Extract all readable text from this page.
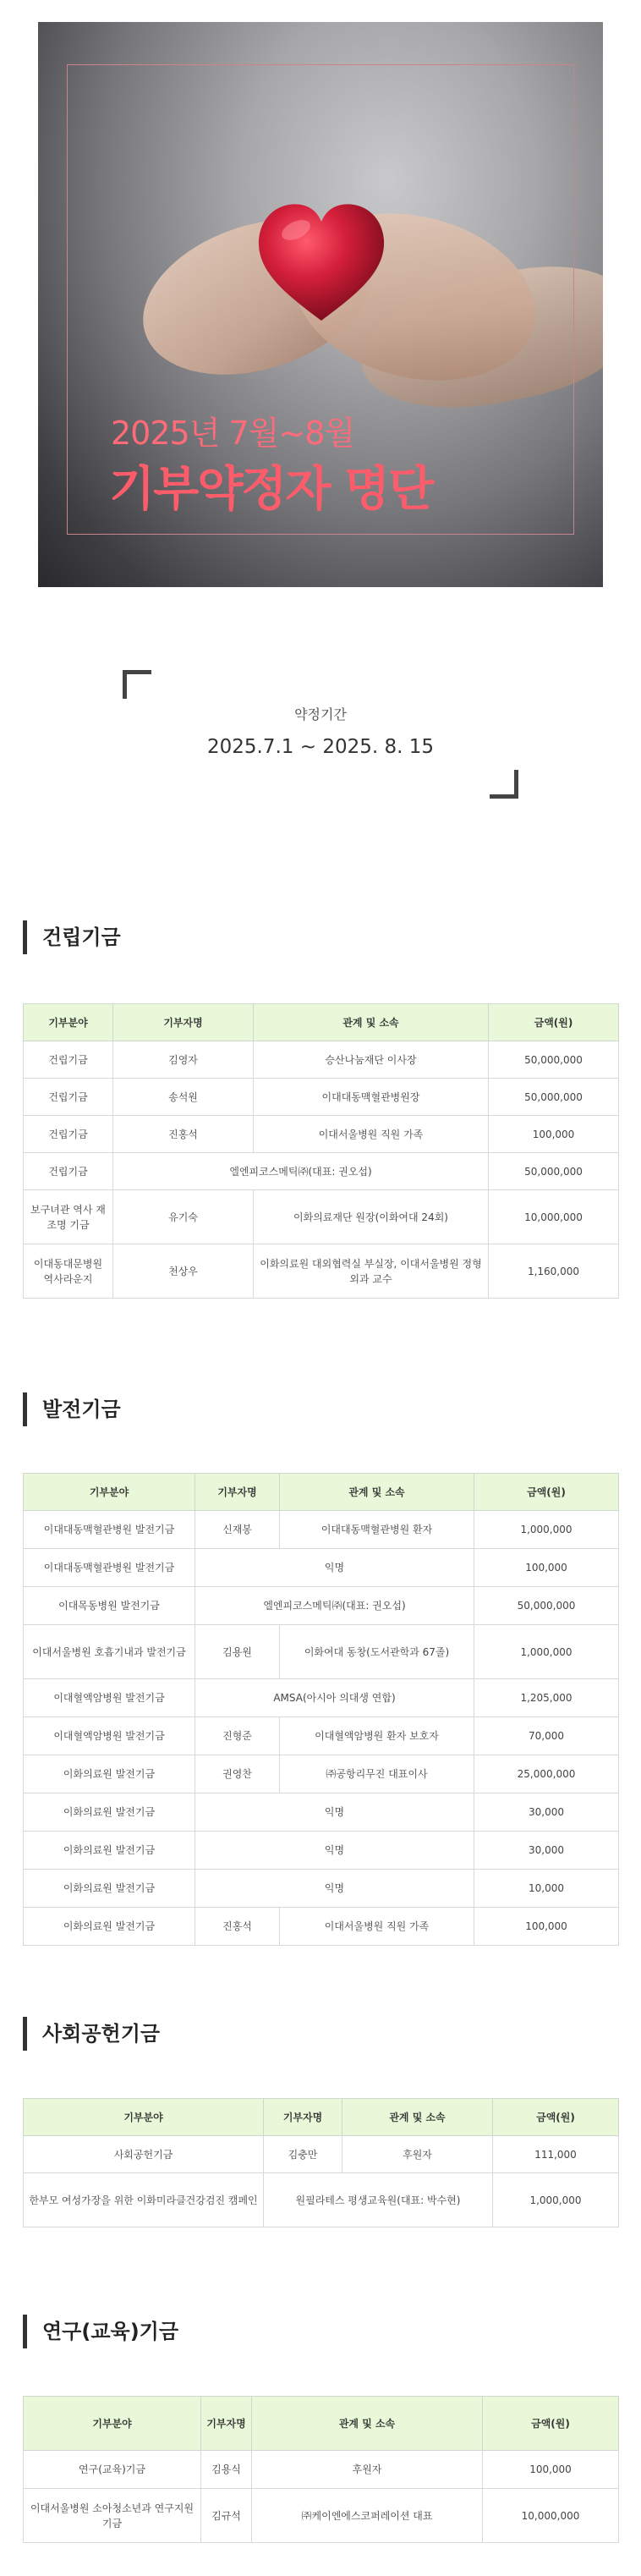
2025년 7월~8월
기부약정자 명단
약정기간
2025.7.1 ~ 2025. 8. 15
건립기금
기부분야	기부자명	관계 및 소속	금액(원)
건립기금	김영자	승산나눔재단 이사장	50,000,000
건립기금	송석원	이대대동맥혈관병원장	50,000,000
건립기금	진홍석	이대서울병원 직원 가족	100,000
건립기금	엘엔피코스메틱㈜(대표: 권오섭)		50,000,000
보구녀관 역사 재조명 기금	유기숙	이화의료재단 원장(이화여대 24회)	10,000,000
이대동대문병원 역사라운지	천상우	이화의료원 대외협력실 부실장, 이대서울병원 정형외과 교수	1,160,000
발전기금
기부분야	기부자명	관계 및 소속	금액(원)
이대대동맥혈관병원 발전기금	신재봉	이대대동맥혈관병원 환자	1,000,000
이대대동맥혈관병원 발전기금	익명		100,000
이대목동병원 발전기금	엘엔피코스메틱㈜(대표: 권오섭)		50,000,000
이대서울병원 호흡기내과 발전기금	김용원	이화여대 동창(도서관학과 67졸)	1,000,000
이대혈액암병원 발전기금	AMSA(아시아 의대생 연합)		1,205,000
이대혈액암병원 발전기금	진형준	이대혈액암병원 환자 보호자	70,000
이화의료원 발전기금	권영찬	㈜공항리무진 대표이사	25,000,000
이화의료원 발전기금	익명		30,000
이화의료원 발전기금	익명		30,000
이화의료원 발전기금	익명		10,000
이화의료원 발전기금	진홍석	이대서울병원 직원 가족	100,000
사회공헌기금
기부분야	기부자명	관계 및 소속	금액(원)
사회공헌기금	김충만	후원자	111,000
한부모 여성가장을 위한 이화미라클건강검진 캠페인	원필라테스 평생교육원(대표: 박수현)		1,000,000
연구(교육)기금
기부분야	기부자명	관계 및 소속	금액(원)
연구(교육)기금	김용식	후원자	100,000
이대서울병원 소아청소년과 연구지원 기금	김규석	㈜케이엔에스코퍼레이션 대표	10,000,000
